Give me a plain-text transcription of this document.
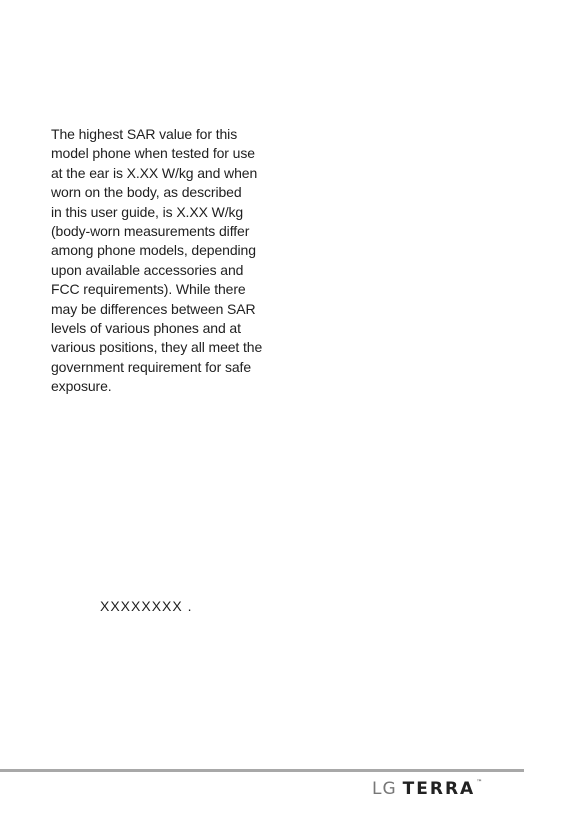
The highest SAR value for this
model phone when tested for use
at the ear is X.XX W/kg and when
worn on the body, as described
in this user guide, is X.XX W/kg
(body-worn measurements differ
among phone models, depending
upon available accessories and
FCC requirements). While there
may be differences between SAR
levels of various phones and at
various positions, they all meet the
government requirement for safe
exposure.

XXXXXXXX .
LG TERRA ™
